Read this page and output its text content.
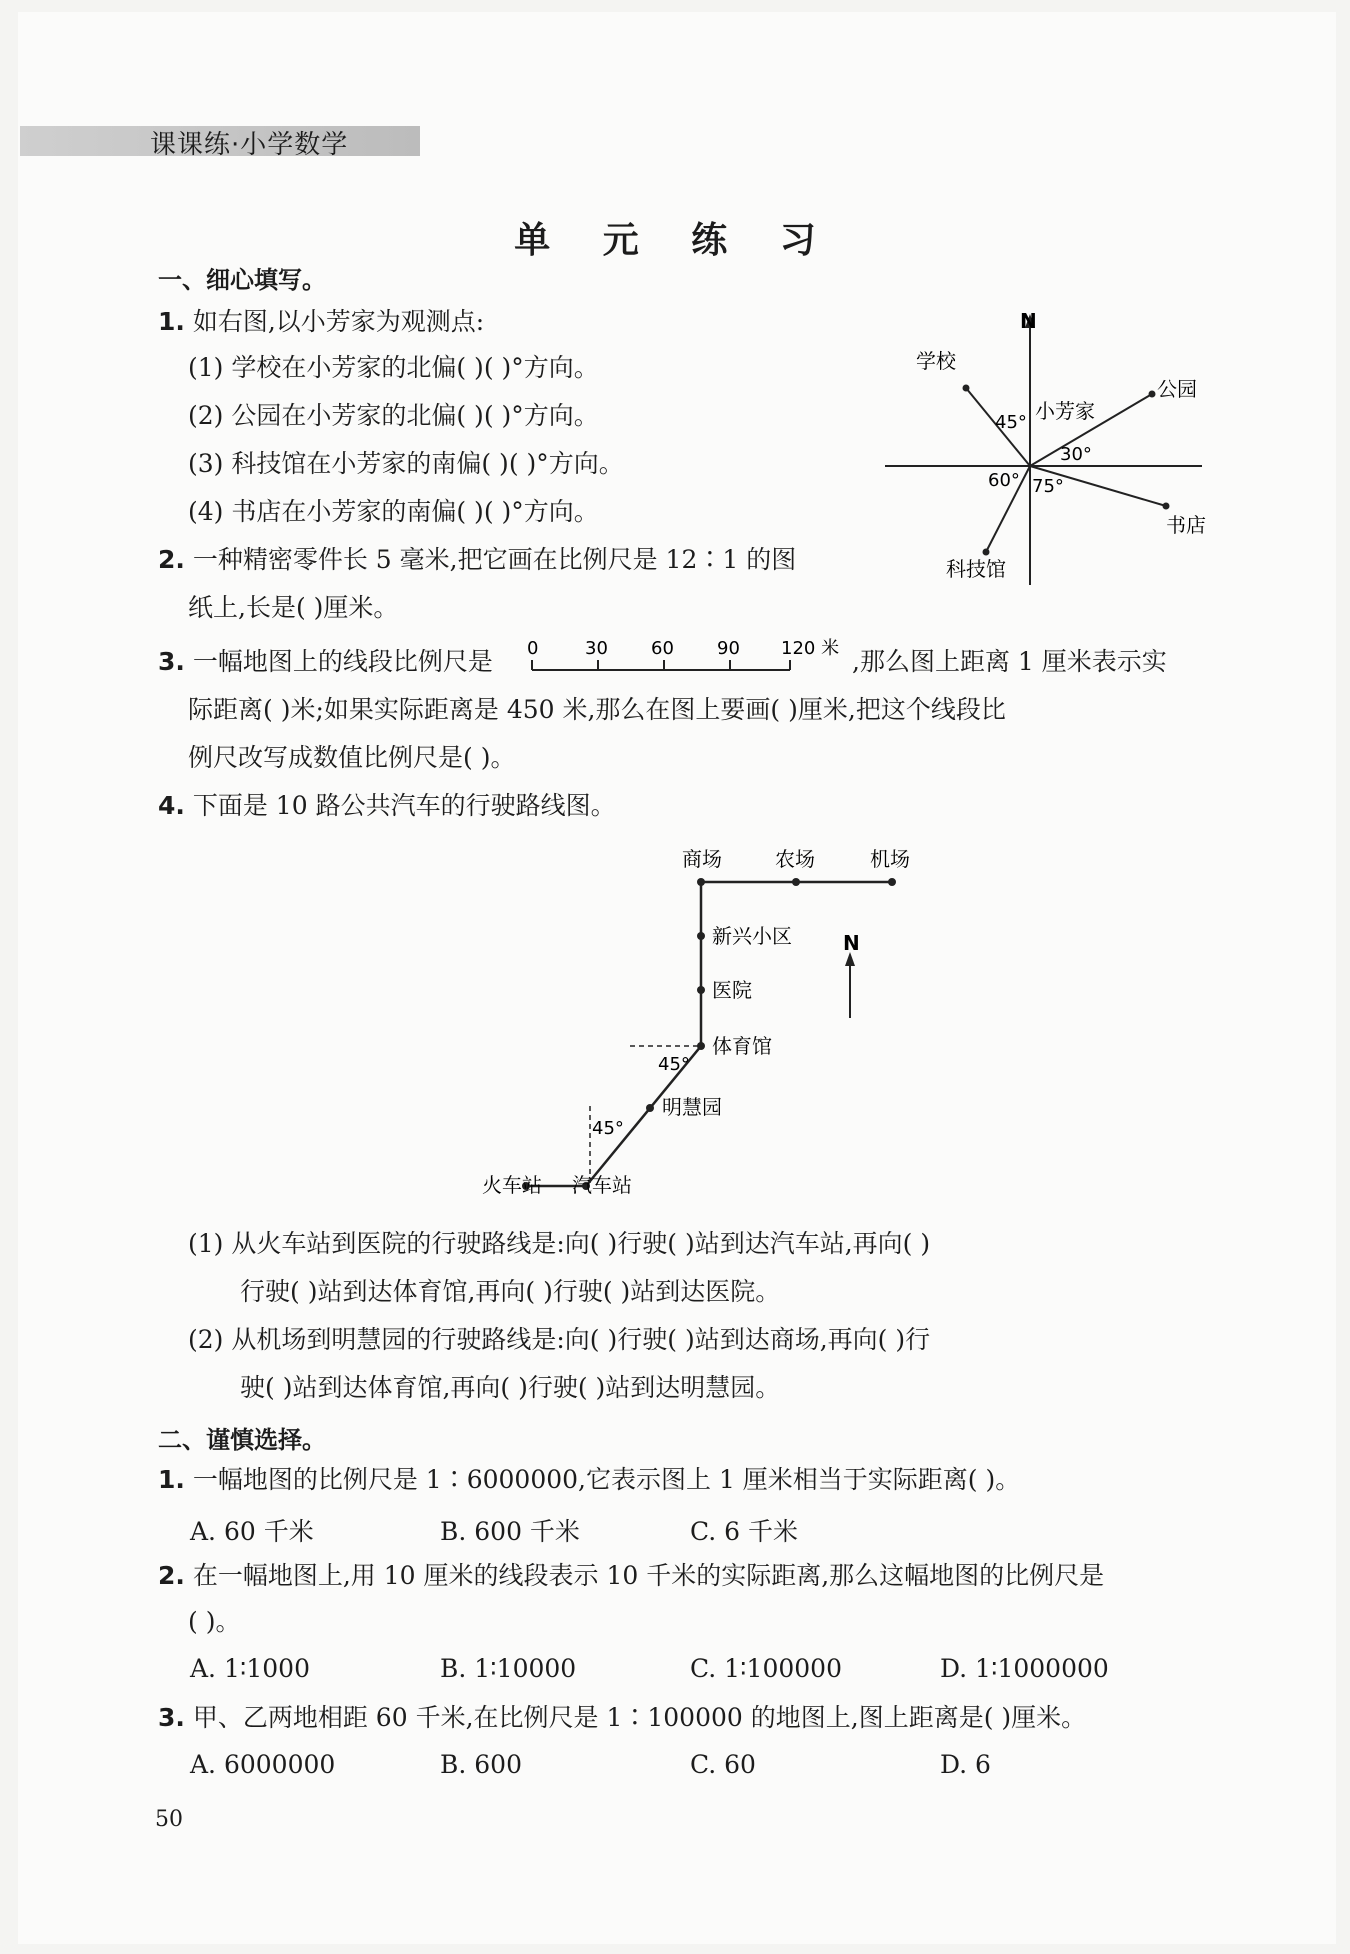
课课练·小学数学
单 元 练 习
一、细心填写。
1. 如右图,以小芳家为观测点:
(1) 学校在小芳家的北偏( )( )°方向。
(2) 公园在小芳家的北偏( )( )°方向。
(3) 科技馆在小芳家的南偏( )( )°方向。
(4) 书店在小芳家的南偏( )( )°方向。
N
学校
公园
书店
科技馆
小芳家
45°
30°
60° 75°
2. 一种精密零件长 5 毫米,把它画在比例尺是 12∶1 的图
纸上,长是( )厘米。
3. 一幅地图上的线段比例尺是 0	30 60 90 120 米 ,那么图上距离 1 厘米表示实
际距离( )米;如果实际距离是 450 米,那么在图上要画( )厘米,把这个线段比
例尺改写成数值比例尺是( )。
4. 下面是 10 路公共汽车的行驶路线图。
N
商场	农场	机场
新兴小区
医院
体育馆
明慧园
火车站 汽车站
45°
45°
(1) 从火车站到医院的行驶路线是:向( )行驶( )站到达汽车站,再向( )
行驶( )站到达体育馆,再向( )行驶( )站到达医院。
(2) 从机场到明慧园的行驶路线是:向( )行驶( )站到达商场,再向( )行
驶( )站到达体育馆,再向( )行驶( )站到达明慧园。
二、谨慎选择。
1. 一幅地图的比例尺是 1∶6000000,它表示图上 1 厘米相当于实际距离( )。
A. 60 千米	B. 600 千米	C. 6 千米
2. 在一幅地图上,用 10 厘米的线段表示 10 千米的实际距离,那么这幅地图的比例尺是
( )。
A. 1∶1000	B. 1∶10000	C. 1∶100000	D. 1∶1000000
3. 甲、乙两地相距 60 千米,在比例尺是 1∶100000 的地图上,图上距离是( )厘米。
A. 6000000	B. 600	C. 60	D. 6
50
